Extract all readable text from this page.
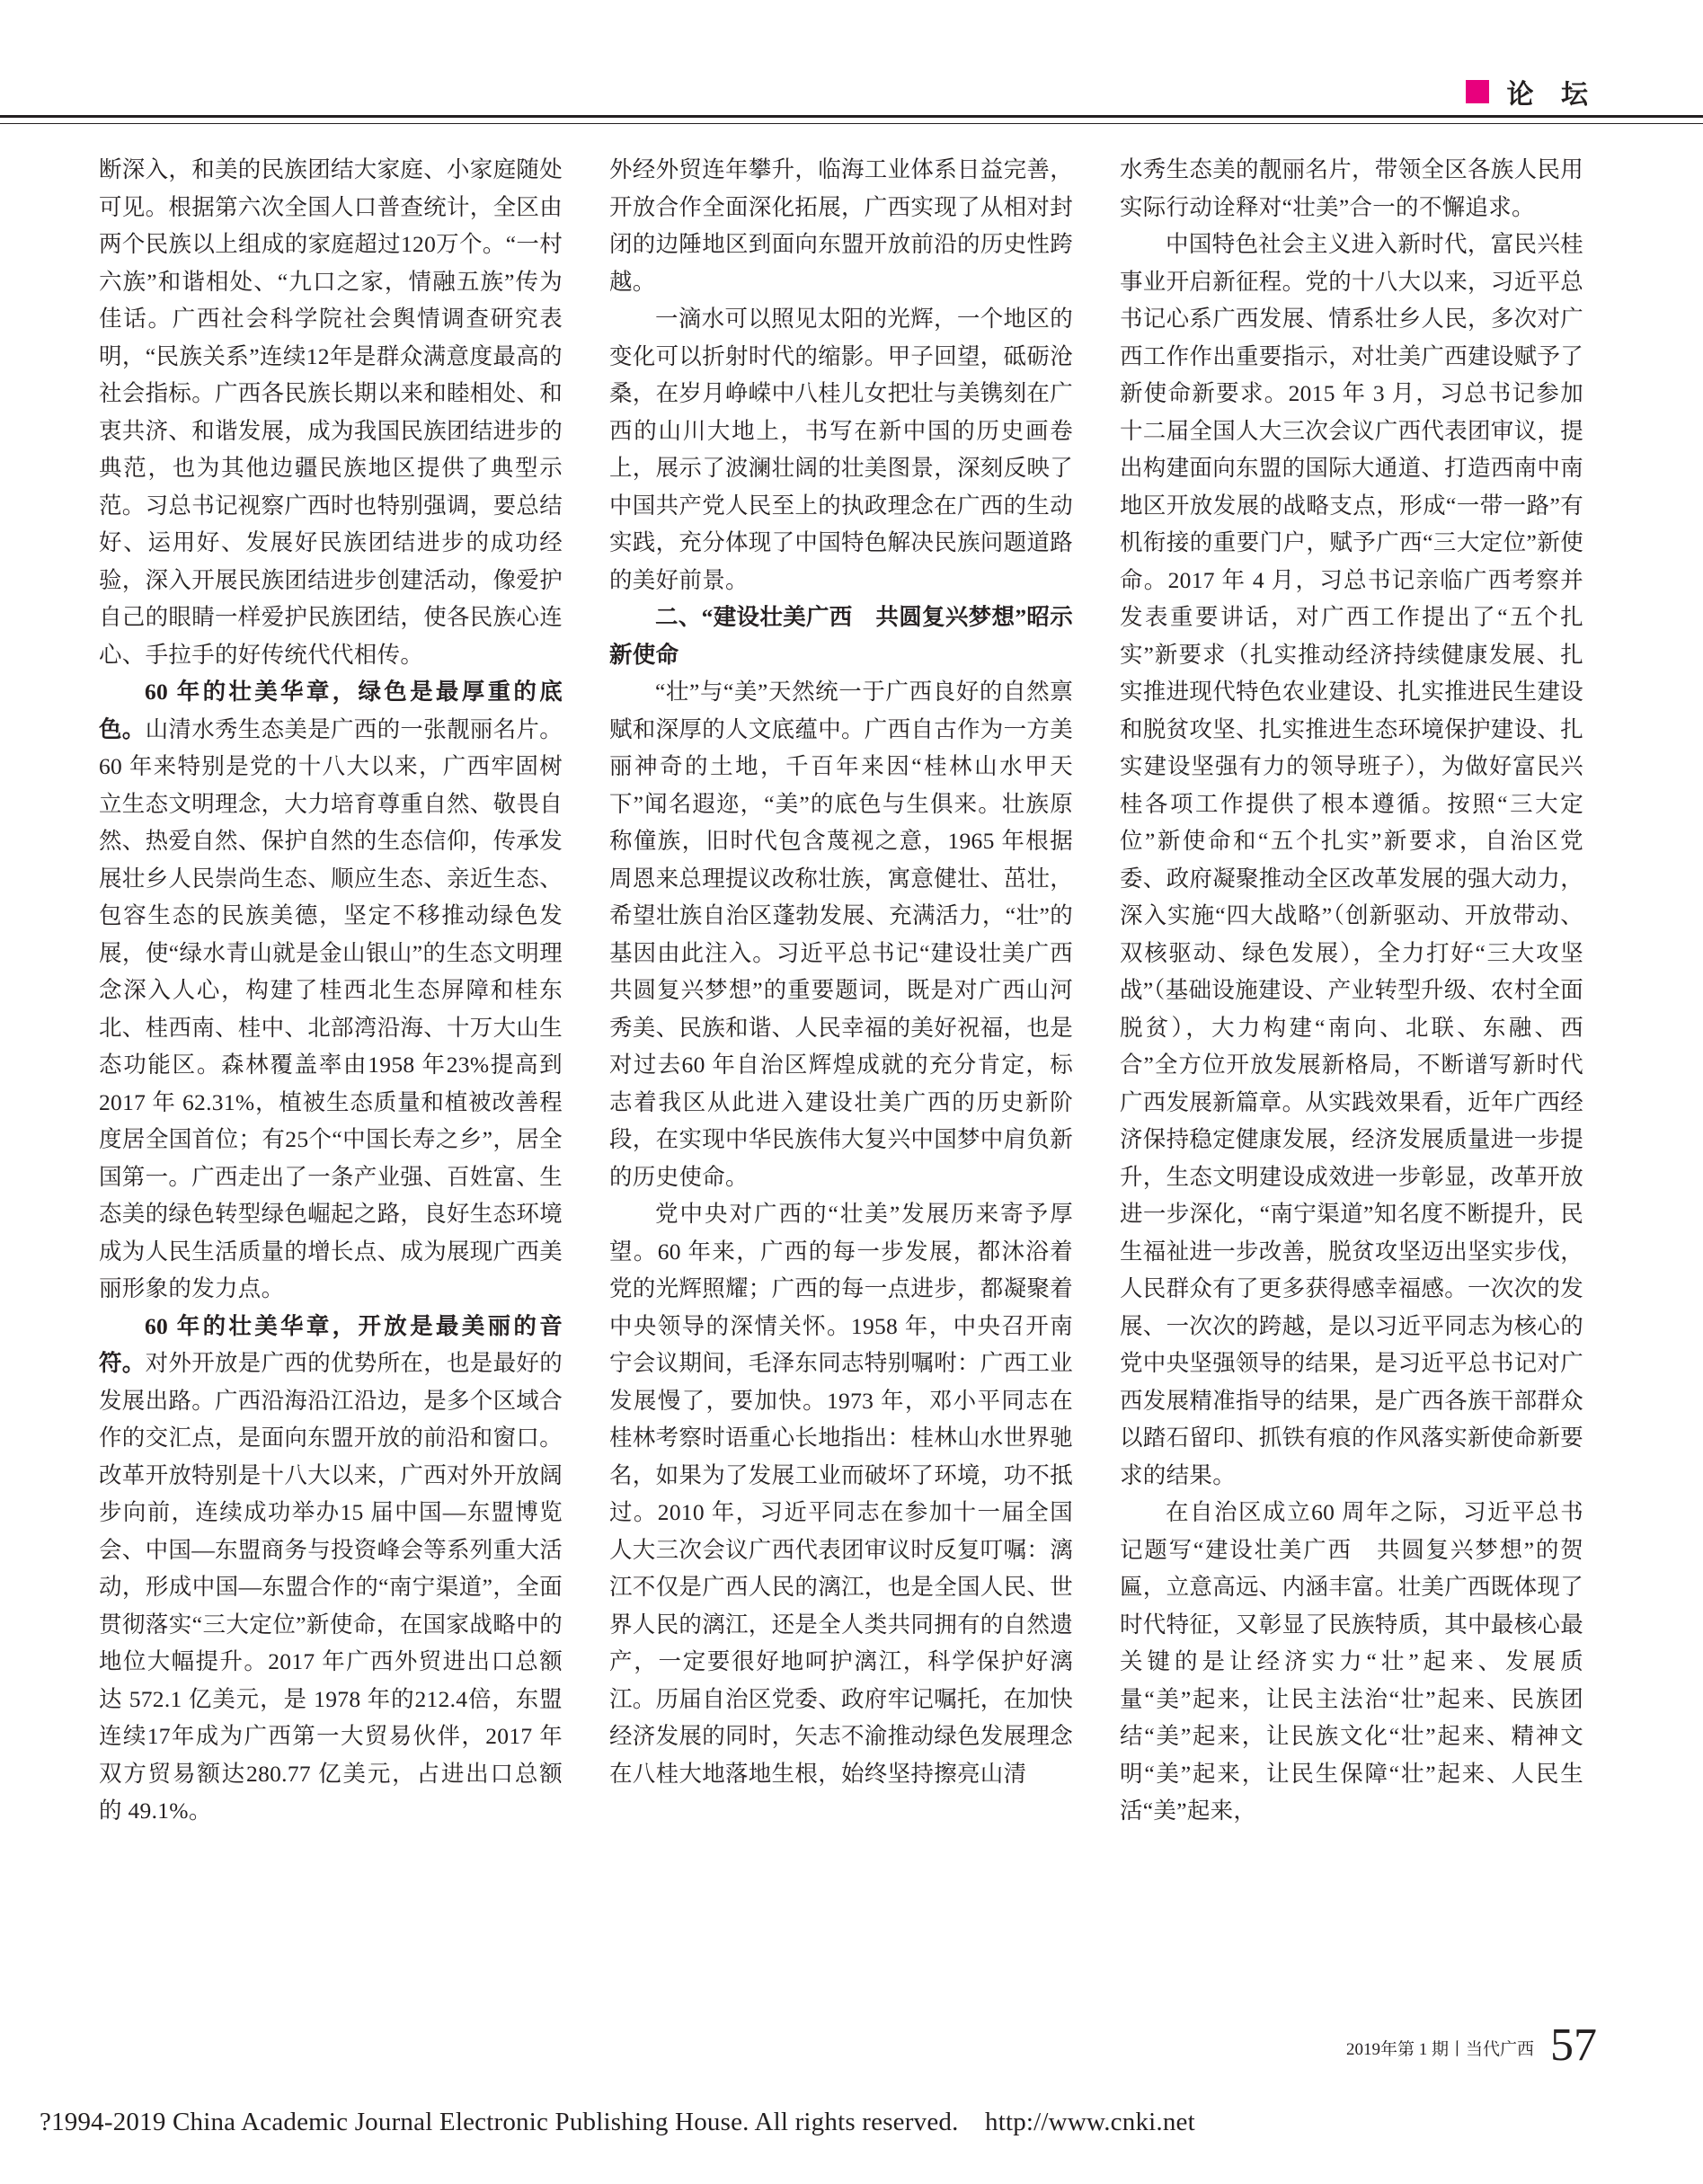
论 坛

断深入，和美的民族团结大家庭、小家庭随处可见。根据第六次全国人口普查统计，全区由两个民族以上组成的家庭超过120万个。“一村六族”和谐相处、“九口之家，情融五族”传为佳话。广西社会科学院社会舆情调查研究表明，“民族关系”连续12年是群众满意度最高的社会指标。广西各民族长期以来和睦相处、和衷共济、和谐发展，成为我国民族团结进步的典范，也为其他边疆民族地区提供了典型示范。习总书记视察广西时也特别强调，要总结好、运用好、发展好民族团结进步的成功经验，深入开展民族团结进步创建活动，像爱护自己的眼睛一样爱护民族团结，使各民族心连心、手拉手的好传统代代相传。

60 年的壮美华章，绿色是最厚重的底色。山清水秀生态美是广西的一张靓丽名片。60 年来特别是党的十八大以来，广西牢固树立生态文明理念，大力培育尊重自然、敬畏自然、热爱自然、保护自然的生态信仰，传承发展壮乡人民崇尚生态、顺应生态、亲近生态、包容生态的民族美德，坚定不移推动绿色发展，使“绿水青山就是金山银山”的生态文明理念深入人心，构建了桂西北生态屏障和桂东北、桂西南、桂中、北部湾沿海、十万大山生态功能区。森林覆盖率由1958 年23%提高到 2017 年 62.31%，植被生态质量和植被改善程度居全国首位；有25个“中国长寿之乡”，居全国第一。广西走出了一条产业强、百姓富、生态美的绿色转型绿色崛起之路，良好生态环境成为人民生活质量的增长点、成为展现广西美丽形象的发力点。

60 年的壮美华章，开放是最美丽的音符。对外开放是广西的优势所在，也是最好的发展出路。广西沿海沿江沿边，是多个区域合作的交汇点，是面向东盟开放的前沿和窗口。改革开放特别是十八大以来，广西对外开放阔步向前，连续成功举办15 届中国—东盟博览会、中国—东盟商务与投资峰会等系列重大活动，形成中国—东盟合作的“南宁渠道”，全面贯彻落实“三大定位”新使命，在国家战略中的地位大幅提升。2017 年广西外贸进出口总额达 572.1 亿美元，是 1978 年的212.4倍，东盟连续17年成为广西第一大贸易伙伴，2017 年双方贸易额达280.77 亿美元，占进出口总额的 49.1%。

外经外贸连年攀升，临海工业体系日益完善，开放合作全面深化拓展，广西实现了从相对封闭的边陲地区到面向东盟开放前沿的历史性跨越。

一滴水可以照见太阳的光辉，一个地区的变化可以折射时代的缩影。甲子回望，砥砺沧桑，在岁月峥嵘中八桂儿女把壮与美镌刻在广西的山川大地上，书写在新中国的历史画卷上，展示了波澜壮阔的壮美图景，深刻反映了中国共产党人民至上的执政理念在广西的生动实践，充分体现了中国特色解决民族问题道路的美好前景。

二、“建设壮美广西　共圆复兴梦想”昭示新使命

“壮”与“美”天然统一于广西良好的自然禀赋和深厚的人文底蕴中。广西自古作为一方美丽神奇的土地，千百年来因“桂林山水甲天下”闻名遐迩，“美”的底色与生俱来。壮族原称僮族，旧时代包含蔑视之意，1965 年根据周恩来总理提议改称壮族，寓意健壮、茁壮，希望壮族自治区蓬勃发展、充满活力，“壮”的基因由此注入。习近平总书记“建设壮美广西　共圆复兴梦想”的重要题词，既是对广西山河秀美、民族和谐、人民幸福的美好祝福，也是对过去60 年自治区辉煌成就的充分肯定，标志着我区从此进入建设壮美广西的历史新阶段，在实现中华民族伟大复兴中国梦中肩负新的历史使命。

党中央对广西的“壮美”发展历来寄予厚望。60 年来，广西的每一步发展，都沐浴着党的光辉照耀；广西的每一点进步，都凝聚着中央领导的深情关怀。1958 年，中央召开南宁会议期间，毛泽东同志特别嘱咐：广西工业发展慢了，要加快。1973 年，邓小平同志在桂林考察时语重心长地指出：桂林山水世界驰名，如果为了发展工业而破坏了环境，功不抵过。2010 年，习近平同志在参加十一届全国人大三次会议广西代表团审议时反复叮嘱：漓江不仅是广西人民的漓江，也是全国人民、世界人民的漓江，还是全人类共同拥有的自然遗产，一定要很好地呵护漓江，科学保护好漓江。历届自治区党委、政府牢记嘱托，在加快经济发展的同时，矢志不渝推动绿色发展理念在八桂大地落地生根，始终坚持擦亮山清

水秀生态美的靓丽名片，带领全区各族人民用实际行动诠释对“壮美”合一的不懈追求。

中国特色社会主义进入新时代，富民兴桂事业开启新征程。党的十八大以来，习近平总书记心系广西发展、情系壮乡人民，多次对广西工作作出重要指示，对壮美广西建设赋予了新使命新要求。2015 年 3 月，习总书记参加十二届全国人大三次会议广西代表团审议，提出构建面向东盟的国际大通道、打造西南中南地区开放发展的战略支点，形成“一带一路”有机衔接的重要门户，赋予广西“三大定位”新使命。2017 年 4 月，习总书记亲临广西考察并发表重要讲话，对广西工作提出了“五个扎实”新要求（扎实推动经济持续健康发展、扎实推进现代特色农业建设、扎实推进民生建设和脱贫攻坚、扎实推进生态环境保护建设、扎实建设坚强有力的领导班子），为做好富民兴桂各项工作提供了根本遵循。按照“三大定位”新使命和“五个扎实”新要求，自治区党委、政府凝聚推动全区改革发展的强大动力，深入实施“四大战略”（创新驱动、开放带动、双核驱动、绿色发展），全力打好“三大攻坚战”（基础设施建设、产业转型升级、农村全面脱贫），大力构建“南向、北联、东融、西合”全方位开放发展新格局，不断谱写新时代广西发展新篇章。从实践效果看，近年广西经济保持稳定健康发展，经济发展质量进一步提升，生态文明建设成效进一步彰显，改革开放进一步深化，“南宁渠道”知名度不断提升，民生福祉进一步改善，脱贫攻坚迈出坚实步伐，人民群众有了更多获得感幸福感。一次次的发展、一次次的跨越，是以习近平同志为核心的党中央坚强领导的结果，是习近平总书记对广西发展精准指导的结果，是广西各族干部群众以踏石留印、抓铁有痕的作风落实新使命新要求的结果。

在自治区成立60 周年之际，习近平总书记题写“建设壮美广西　共圆复兴梦想”的贺匾，立意高远、内涵丰富。壮美广西既体现了时代特征，又彰显了民族特质，其中最核心最关键的是让经济实力“壮”起来、发展质量“美”起来，让民主法治“壮”起来、民族团结“美”起来，让民族文化“壮”起来、精神文明“美”起来，让民生保障“壮”起来、人民生活“美”起来，

2019年第 1 期丨当代广西 57
?1994-2019 China Academic Journal Electronic Publishing House. All rights reserved. http://www.cnki.net
